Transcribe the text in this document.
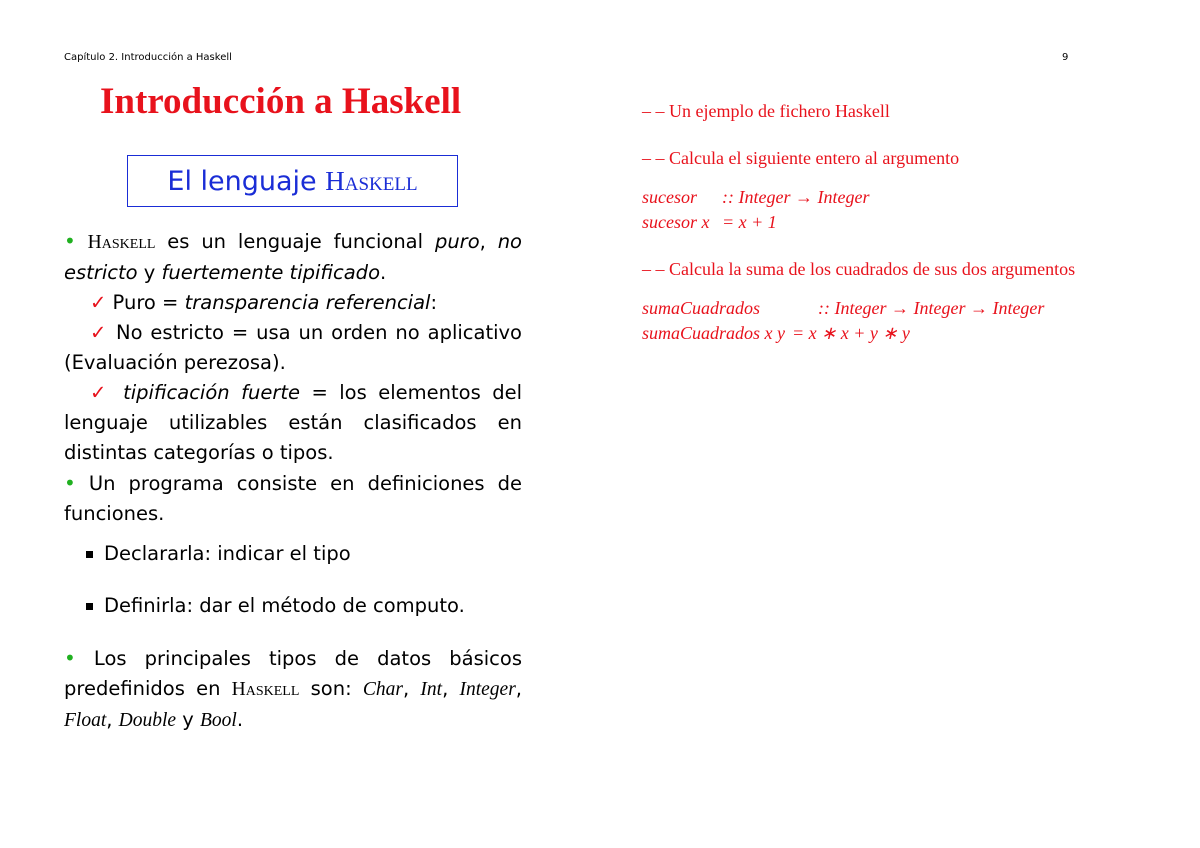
Capítulo 2. Introducción a Haskell	9
Introducción a Haskell
El lenguaje Haskell

• Haskell es un lenguaje funcional puro, no estricto y fuertemente tipificado.

✓ Puro = transparencia referencial:

✓ No estricto = usa un orden no aplicativo (Evaluación perezosa).

✓ tipificación fuerte = los elementos del lenguaje utilizables están clasificados en distintas categorías o tipos.

• Un programa consiste en definiciones de funciones.

Declararla: indicar el tipo
Definirla: dar el método de computo.

• Los principales tipos de datos básicos predefinidos en Haskell son: Char, Int, Integer, Float, Double y Bool.

– – Un ejemplo de fichero Haskell
– – Calcula el siguiente entero al argumento
sucesor :: Integer → Integer
sucesor x = x + 1
– – Calcula la suma de los cuadrados de sus dos argumentos
sumaCuadrados	:: Integer → Integer → Integer
sumaCuadrados x y = x ∗ x + y ∗ y
